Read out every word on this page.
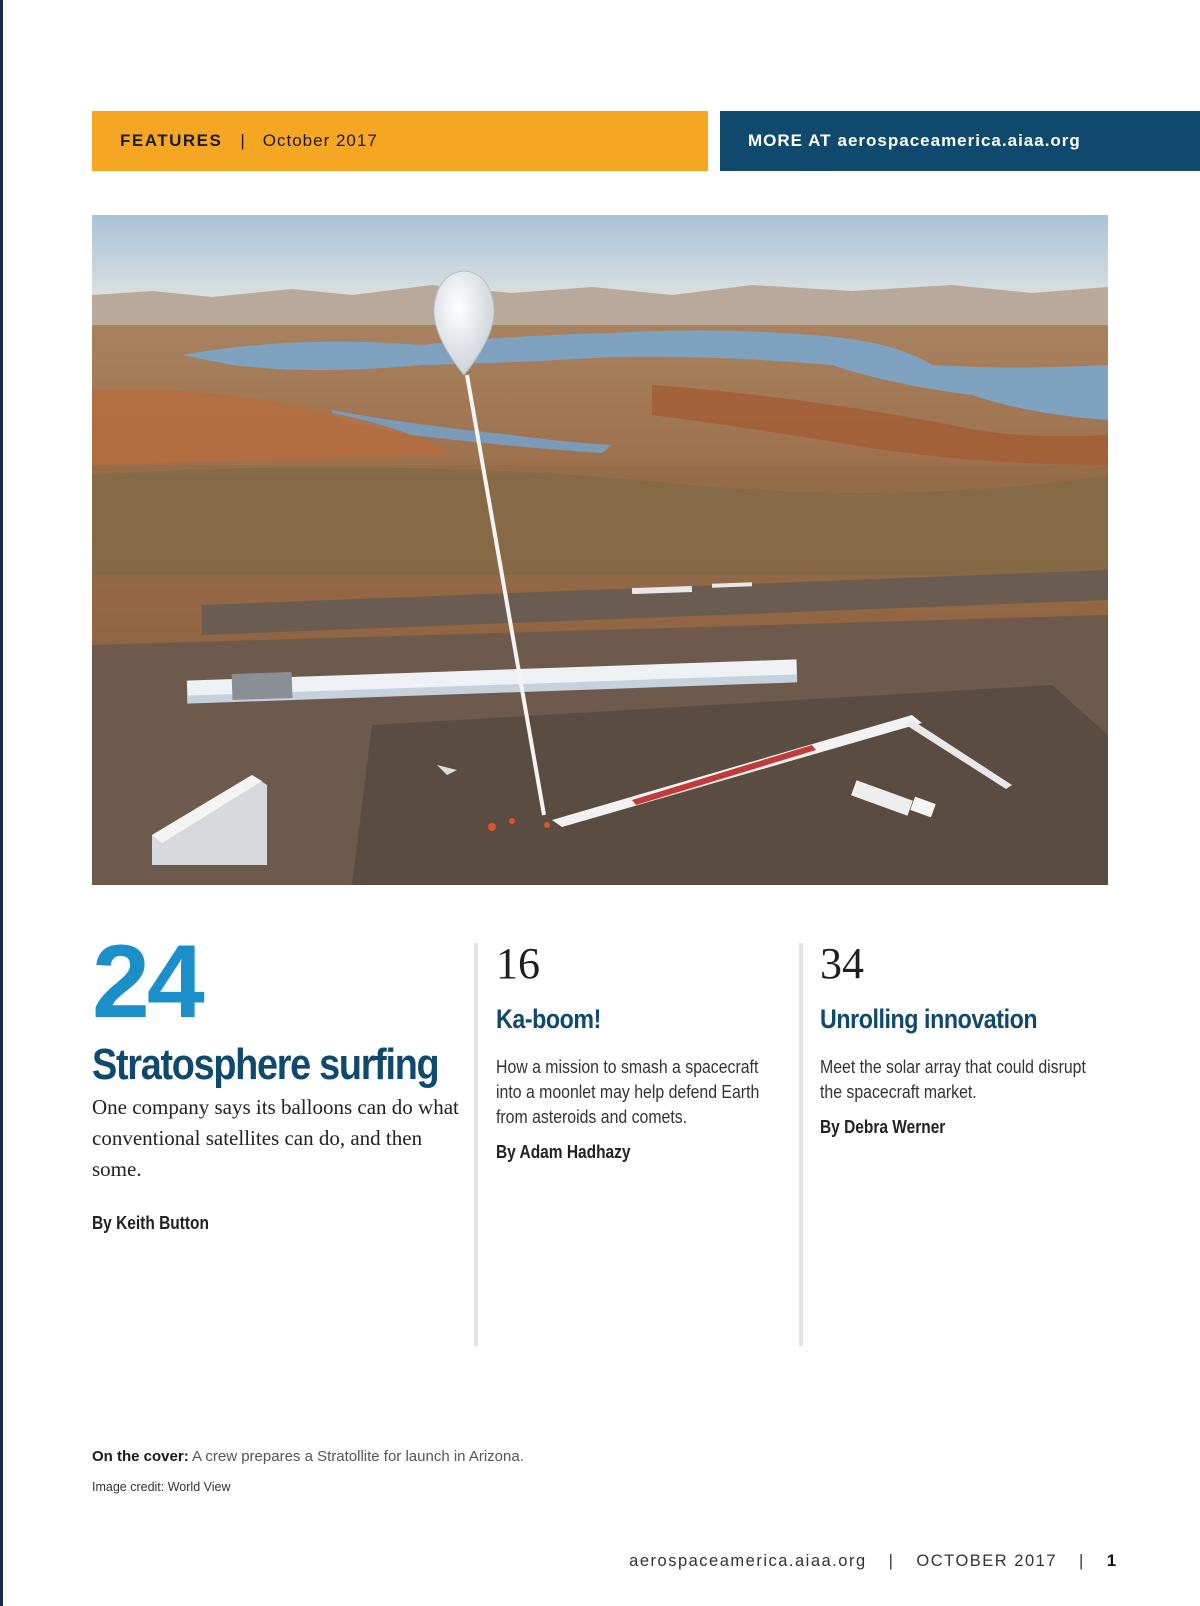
FEATURES | October 2017	MORE AT aerospaceamerica.aiaa.org
24
Stratosphere surfing
One company says its balloons can do what conventional satellites can do, and then some.
By Keith Button
16
Ka-boom!
How a mission to smash a spacecraft into a moonlet may help defend Earth from asteroids and comets.
By Adam Hadhazy
34
Unrolling innovation
Meet the solar array that could disrupt the spacecraft market.
By Debra Werner
On the cover: A crew prepares a Stratollite for launch in Arizona.
Image credit: World View
aerospaceamerica.aiaa.org | OCTOBER 2017 | 1
